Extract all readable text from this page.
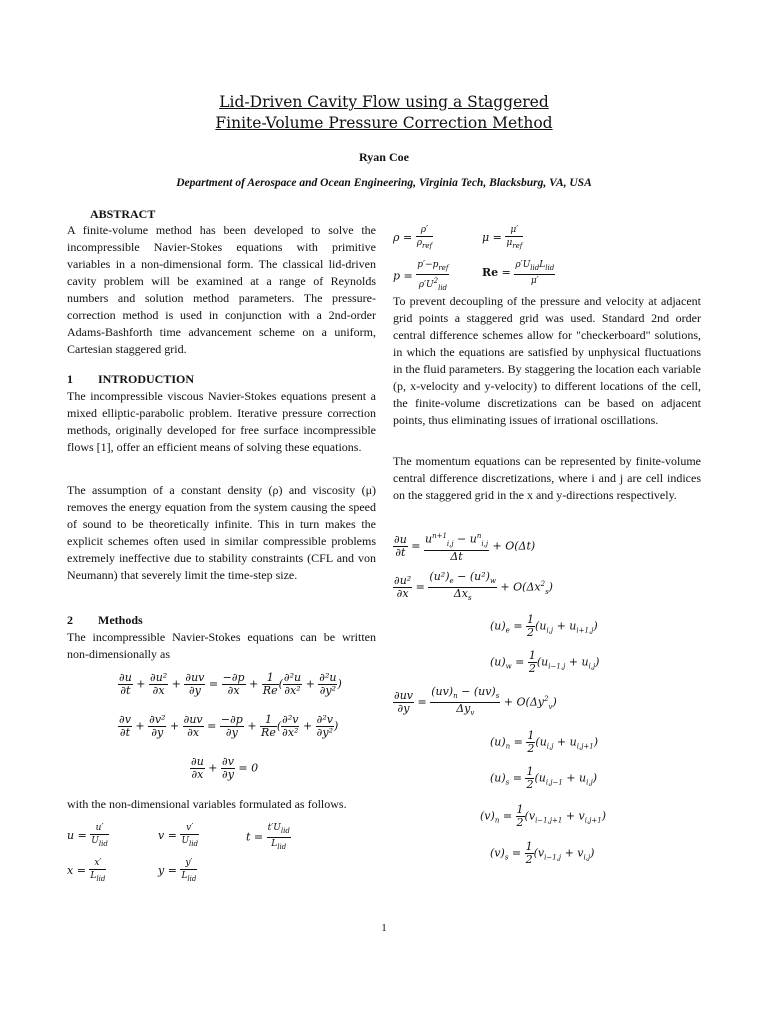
Lid-Driven Cavity Flow using a Staggered
Finite-Volume Pressure Correction Method
Ryan Coe
Department of Aerospace and Ocean Engineering, Virginia Tech, Blacksburg, VA, USA
ABSTRACT

A finite-volume method has been developed to solve the incompressible Navier-Stokes equations with primitive variables in a non-dimensional form. The classical lid-driven cavity problem will be examined at a range of Reynolds numbers and solution method parameters. The pressure-correction method is used in conjunction with a 2nd-order Adams-Bashforth time advancement scheme on a uniform, Cartesian staggered grid.

1 INTRODUCTION

The incompressible viscous Navier-Stokes equations present a mixed elliptic-parabolic problem. Iterative pressure correction methods, originally developed for free surface incompressible flows [1], offer an efficient means of solving these equations.

The assumption of a constant density (ρ) and viscosity (μ) removes the energy equation from the system causing the speed of sound to be theoretically infinite. This in turn makes the explicit schemes often used in similar compressible problems extremely ineffective due to stability constraints (CFL and von Neumann) that severely limit the time-step size.

2 Methods

The incompressible Navier-Stokes equations can be written non-dimensionally as

$\frac{\partial u}{\partial t} + \frac{\text{∂u²}}{\partial x} + \frac{\partial uv}{\partial y} = \frac{-\partial p}{\partial x} + \frac{1}{Re}$ ( $\frac{\text{∂²u}}{\text{∂x²}} + \frac{\text{∂²u}}{\text{∂y²}}$ )
$\frac{\partial v}{\partial t} + \frac{\text{∂v²}}{\partial y} + \frac{\partial uv}{\partial x} = \frac{-\partial p}{\partial y} + \frac{1}{Re}$ ( $\frac{\text{∂²v}}{\text{∂x²}} + \frac{\text{∂²v}}{\text{∂y²}}$ )
$\frac{\partial u}{\partial x} + \frac{\partial v}{\partial y} = 0$

with the non-dimensional variables formulated as follows.

$u = \frac{u'}{U_{lid}}$	$v = \frac{v'}{U_{lid}}$	$t = \frac{t'U_{lid}}{L_{lid}}$
$x = \frac{x'}{L_{lid}}$	$y = \frac{y'}{L_{lid}}$
$\rho = \frac{\rho'}{\rho_{ref}}$	$\mu = \frac{\mu'}{\mu_{ref}}$
$p = \frac{p'-p_{ref}}{\rho'U^2_{lid}}$	$Re = \frac{\rho'U_{lid}L_{lid}}{\mu'}$

To prevent decoupling of the pressure and velocity at adjacent grid points a staggered grid was used. Standard 2nd order central difference schemes allow for "checkerboard" solutions, in which the equations are satisfied by unphysical fluctuations in the fluid parameters. By staggering the location each variable (p, x-velocity and y-velocity) to different locations of the cell, the finite-volume discretizations can be based on adjacent points, thus eliminating issues of irrational oscillations.

The momentum equations can be represented by finite-volume central difference discretizations, where i and j are cell indices on the staggered grid in the x and y-directions respectively.

$\frac{\partial u}{\partial t} = \frac{u^{n+1}_{i,j} - u^n_{i,j}}{\Delta t} + O(\Delta t)$
$\frac{\text{∂u²}}{\partial x} = \frac{(u^2)_e - (u^2)_w}{\Delta x_s} + O(\Delta x^2_s)$
$(u)_e = \frac{1}{2} (u_{i,j} + u_{i+1,j})$
$(u)_w = \frac{1}{2} (u_{i-1,j} + u_{i,j})$
$\frac{\partial uv}{\partial y} = \frac{(uv)_n - (uv)_s}{\Delta y_v} + O(\Delta y^2_v)$
$(u)_n = \frac{1}{2} (u_{i,j} + u_{i,j+1})$
$(u)_s = \frac{1}{2} (u_{i,j-1} + u_{i,j})$
$(v)_n = \frac{1}{2} (v_{i-1,j+1} + v_{i,j+1})$
$(v)_s = \frac{1}{2} (v_{i-1,j} + v_{i,j})$
1
